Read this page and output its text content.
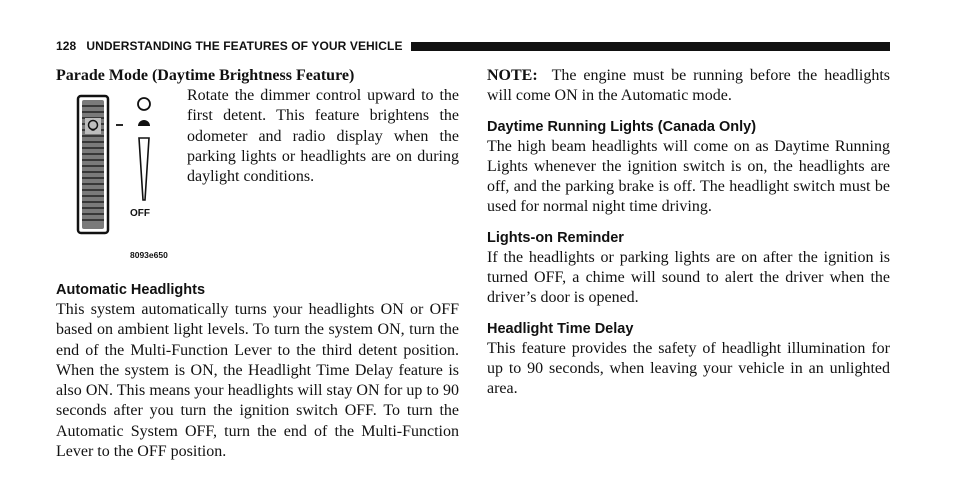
128 UNDERSTANDING THE FEATURES OF YOUR VEHICLE
Parade Mode (Daytime Brightness Feature)
OFF
8093e650

Rotate the dimmer control upward to the first detent. This feature brightens the odometer and radio display when the parking lights or headlights are on during daylight conditions.

Automatic Headlights

This system automatically turns your headlights ON or OFF based on ambient light levels. To turn the system ON, turn the end of the Multi-Function Lever to the third detent position. When the system is ON, the Headlight Time Delay feature is also ON. This means your headlights will stay ON for up to 90 seconds after you turn the ignition switch OFF. To turn the Automatic System OFF, turn the end of the Multi-Function Lever to the OFF position.

NOTE: The engine must be running before the headlights will come ON in the Automatic mode.

Daytime Running Lights (Canada Only)

The high beam headlights will come on as Daytime Running Lights whenever the ignition switch is on, the headlights are off, and the parking brake is off. The headlight switch must be used for normal night time driving.

Lights-on Reminder

If the headlights or parking lights are on after the ignition is turned OFF, a chime will sound to alert the driver when the driver’s door is opened.

Headlight Time Delay

This feature provides the safety of headlight illumination for up to 90 seconds, when leaving your vehicle in an unlighted area.
